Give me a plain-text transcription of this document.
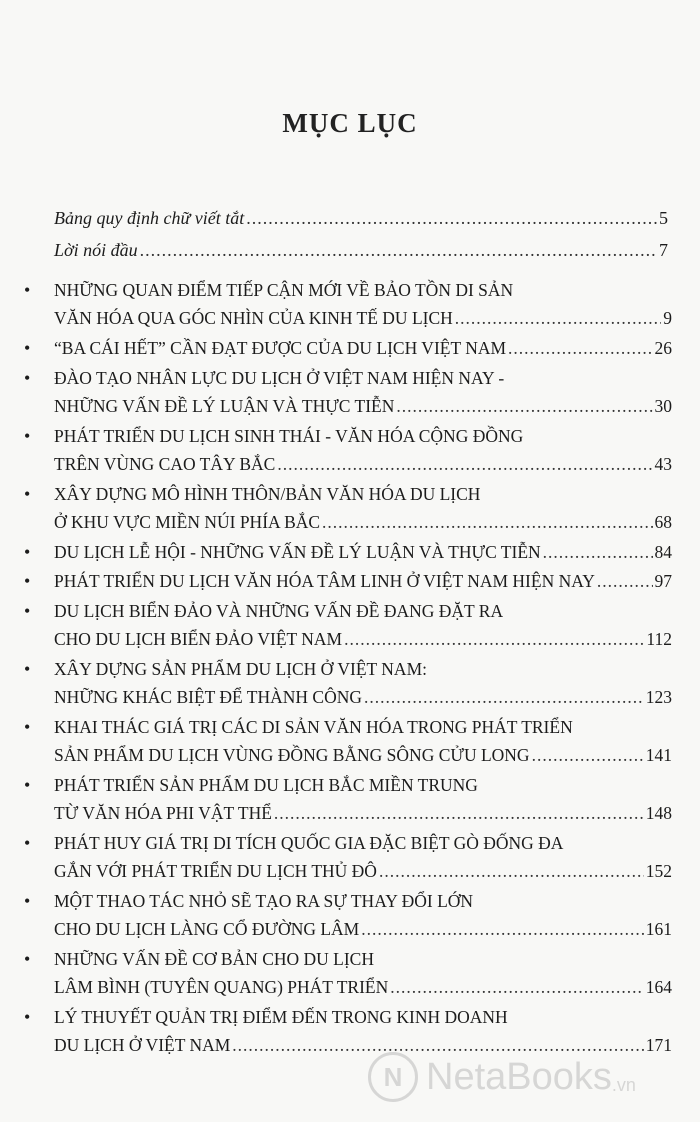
MỤC LỤC
Bảng quy định chữ viết tắt .....	5
Lời nói đầu .....	7
• NHỮNG QUAN ĐIỂM TIẾP CẬN MỚI VỀ BẢO TỒN DI SẢN
VĂN HÓA QUA GÓC NHÌN CỦA KINH TẾ DU LỊCH .....	9
• “BA CÁI HẾT” CẦN ĐẠT ĐƯỢC CỦA DU LỊCH VIỆT NAM .....	26
• ĐÀO TẠO NHÂN LỰC DU LỊCH Ở VIỆT NAM HIỆN NAY -
NHỮNG VẤN ĐỀ LÝ LUẬN VÀ THỰC TIỄN .....	30
• PHÁT TRIỂN DU LỊCH SINH THÁI - VĂN HÓA CỘNG ĐỒNG
TRÊN VÙNG CAO TÂY BẮC .....	43
• XÂY DỰNG MÔ HÌNH THÔN/BẢN VĂN HÓA DU LỊCH
Ở KHU VỰC MIỀN NÚI PHÍA BẮC .....	68
• DU LỊCH LỄ HỘI - NHỮNG VẤN ĐỀ LÝ LUẬN VÀ THỰC TIỄN .....	84
• PHÁT TRIỂN DU LỊCH VĂN HÓA TÂM LINH Ở VIỆT NAM HIỆN NAY .....	97
• DU LỊCH BIỂN ĐẢO VÀ NHỮNG VẤN ĐỀ ĐANG ĐẶT RA
CHO DU LỊCH BIỂN ĐẢO VIỆT NAM .....	112
• XÂY DỰNG SẢN PHẨM DU LỊCH Ở VIỆT NAM:
NHỮNG KHÁC BIỆT ĐỂ THÀNH CÔNG .....	123
• KHAI THÁC GIÁ TRỊ CÁC DI SẢN VĂN HÓA TRONG PHÁT TRIỂN
SẢN PHẨM DU LỊCH VÙNG ĐỒNG BẰNG SÔNG CỬU LONG .....	141
• PHÁT TRIỂN SẢN PHẨM DU LỊCH BẮC MIỀN TRUNG
TỪ VĂN HÓA PHI VẬT THỂ .....	148
• PHÁT HUY GIÁ TRỊ DI TÍCH QUỐC GIA ĐẶC BIỆT GÒ ĐỐNG ĐA
GẮN VỚI PHÁT TRIỂN DU LỊCH THỦ ĐÔ .....	152
• MỘT THAO TÁC NHỎ SẼ TẠO RA SỰ THAY ĐỔI LỚN
CHO DU LỊCH LÀNG CỔ ĐƯỜNG LÂM .....	161
• NHỮNG VẤN ĐỀ CƠ BẢN CHO DU LỊCH
LÂM BÌNH (TUYÊN QUANG) PHÁT TRIỂN .....	164
• LÝ THUYẾT QUẢN TRỊ ĐIỂM ĐẾN TRONG KINH DOANH
DU LỊCH Ở VIỆT NAM .....	171
N NetaBooks .vn
